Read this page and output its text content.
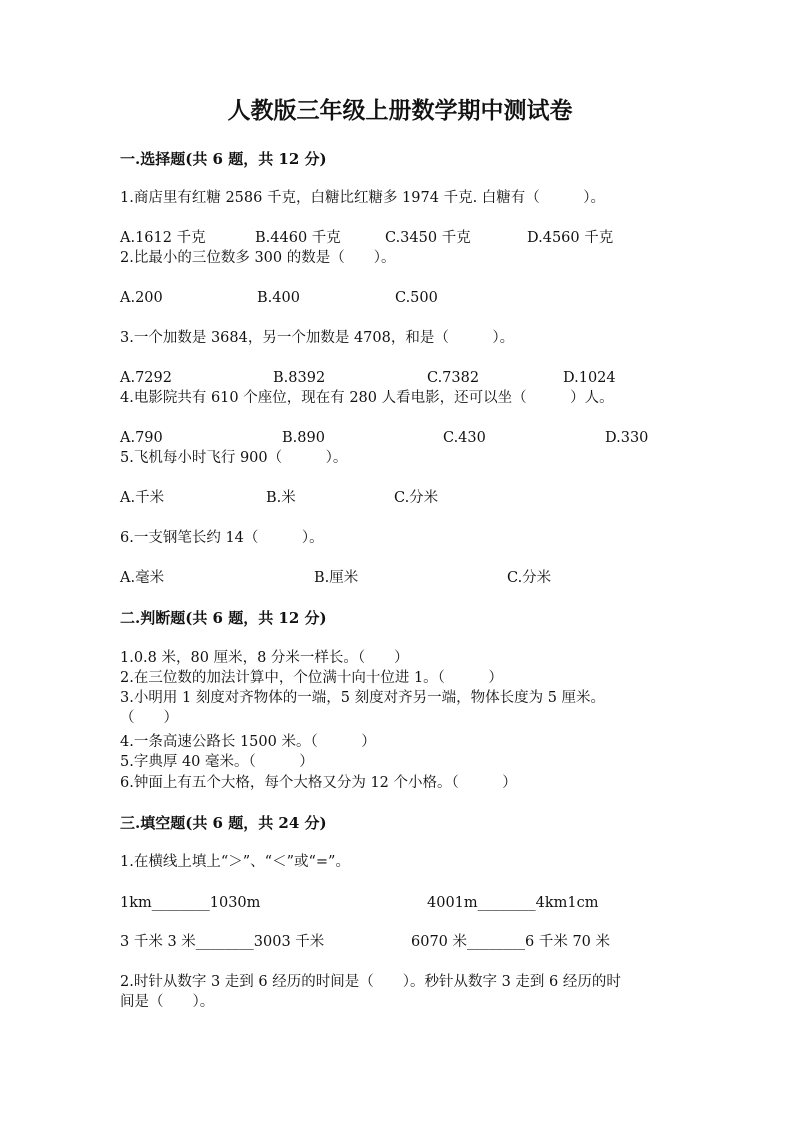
人教版三年级上册数学期中测试卷
一.选择题(共 6 题，共 12 分)
1.商店里有红糖 2586 千克，白糖比红糖多 1974 千克. 白糖有（　　　）。
A.1612 千克	B.4460 千克	C.3450 千克	D.4560 千克
2.比最小的三位数多 300 的数是（　　）。
A.200	B.400	C.500
3.一个加数是 3684，另一个加数是 4708，和是（　　　）。
A.7292	B.8392	C.7382	D.1024
4.电影院共有 610 个座位，现在有 280 人看电影，还可以坐（　　　）人。
A.790	B.890	C.430	D.330
5.飞机每小时飞行 900（　　　）。
A.千米	B.米	C.分米
6.一支钢笔长约 14（　　　）。
A.毫米	B.厘米	C.分米
二.判断题(共 6 题，共 12 分)
1.0.8 米，80 厘米，8 分米一样长。（　　）
2.在三位数的加法计算中，个位满十向十位进 1。（　　　）
3.小明用 1 刻度对齐物体的一端，5 刻度对齐另一端，物体长度为 5 厘米。
（　　）
4.一条高速公路长 1500 米。（　　　）
5.字典厚 40 毫米。（　　　）
6.钟面上有五个大格，每个大格又分为 12 个小格。（　　　）
三.填空题(共 6 题，共 24 分)
1.在横线上填上“＞”、“＜”或“=”。
1km________1030m	4001m________4km1cm
3 千米 3 米________3003 千米	6070 米________6 千米 70 米
2.时针从数字 3 走到 6 经历的时间是（　　）。秒针从数字 3 走到 6 经历的时
间是（　　）。
